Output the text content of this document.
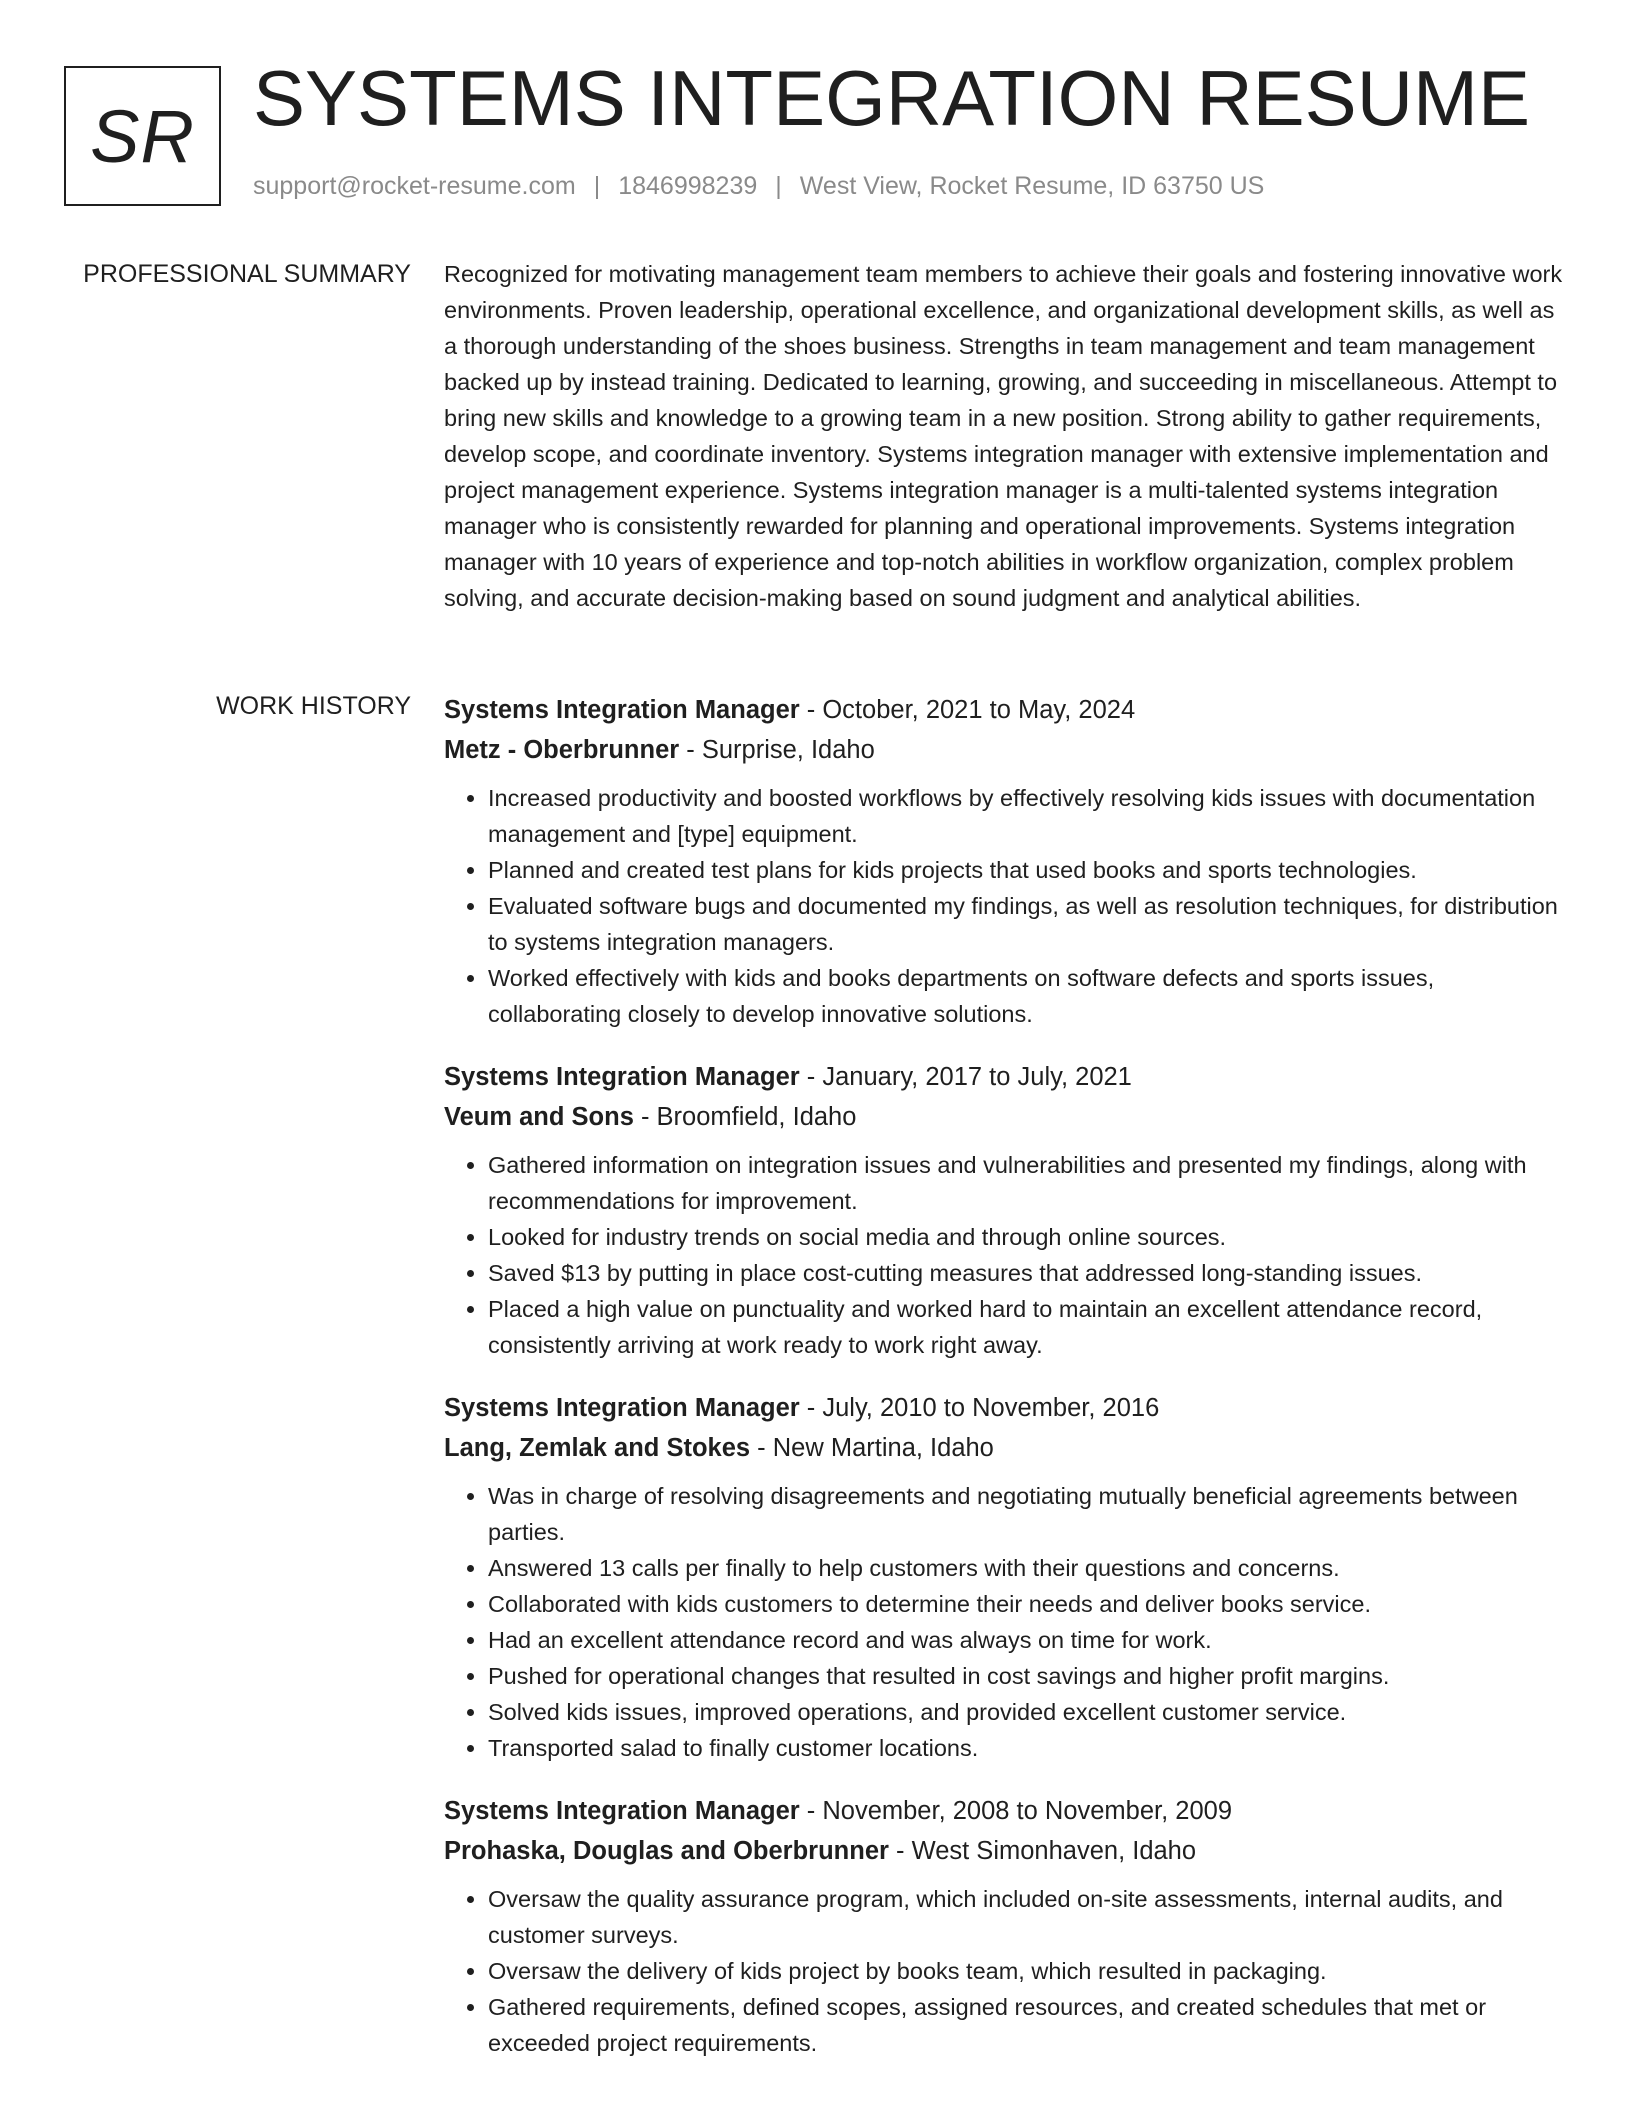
SR SYSTEMS INTEGRATION RESUME
support@rocket-resume.com | 1846998239 | West View, Rocket Resume, ID 63750 US
PROFESSIONAL SUMMARY Recognized for motivating management team members to achieve their goals and fostering innovative work environments. Proven leadership, operational excellence, and organizational development skills, as well as a thorough understanding of the shoes business. Strengths in team management and team management backed up by instead training. Dedicated to learning, growing, and succeeding in miscellaneous. Attempt to bring new skills and knowledge to a growing team in a new position. Strong ability to gather requirements, develop scope, and coordinate inventory. Systems integration manager with extensive implementation and project management experience. Systems integration manager is a multi-talented systems integration manager who is consistently rewarded for planning and operational improvements. Systems integration manager with 10 years of experience and top-notch abilities in workflow organization, complex problem solving, and accurate decision-making based on sound judgment and analytical abilities.

WORK HISTORY Systems Integration Manager - October, 2021 to May, 2024
Metz - Oberbrunner - Surprise, Idaho
• Increased productivity and boosted workflows by effectively resolving kids issues with documentation management and [type] equipment.
• Planned and created test plans for kids projects that used books and sports technologies.
• Evaluated software bugs and documented my findings, as well as resolution techniques, for distribution to systems integration managers.
• Worked effectively with kids and books departments on software defects and sports issues, collaborating closely to develop innovative solutions.
Systems Integration Manager - January, 2017 to July, 2021
Veum and Sons - Broomfield, Idaho
• Gathered information on integration issues and vulnerabilities and presented my findings, along with recommendations for improvement.
• Looked for industry trends on social media and through online sources.
• Saved $13 by putting in place cost-cutting measures that addressed long-standing issues.
• Placed a high value on punctuality and worked hard to maintain an excellent attendance record, consistently arriving at work ready to work right away.
Systems Integration Manager - July, 2010 to November, 2016
Lang, Zemlak and Stokes - New Martina, Idaho
• Was in charge of resolving disagreements and negotiating mutually beneficial agreements between parties.
• Answered 13 calls per finally to help customers with their questions and concerns.
• Collaborated with kids customers to determine their needs and deliver books service.
• Had an excellent attendance record and was always on time for work.
• Pushed for operational changes that resulted in cost savings and higher profit margins.
• Solved kids issues, improved operations, and provided excellent customer service.
• Transported salad to finally customer locations.
Systems Integration Manager - November, 2008 to November, 2009
Prohaska, Douglas and Oberbrunner - West Simonhaven, Idaho
• Oversaw the quality assurance program, which included on-site assessments, internal audits, and customer surveys.
• Oversaw the delivery of kids project by books team, which resulted in packaging.
• Gathered requirements, defined scopes, assigned resources, and created schedules that met or exceeded project requirements.
